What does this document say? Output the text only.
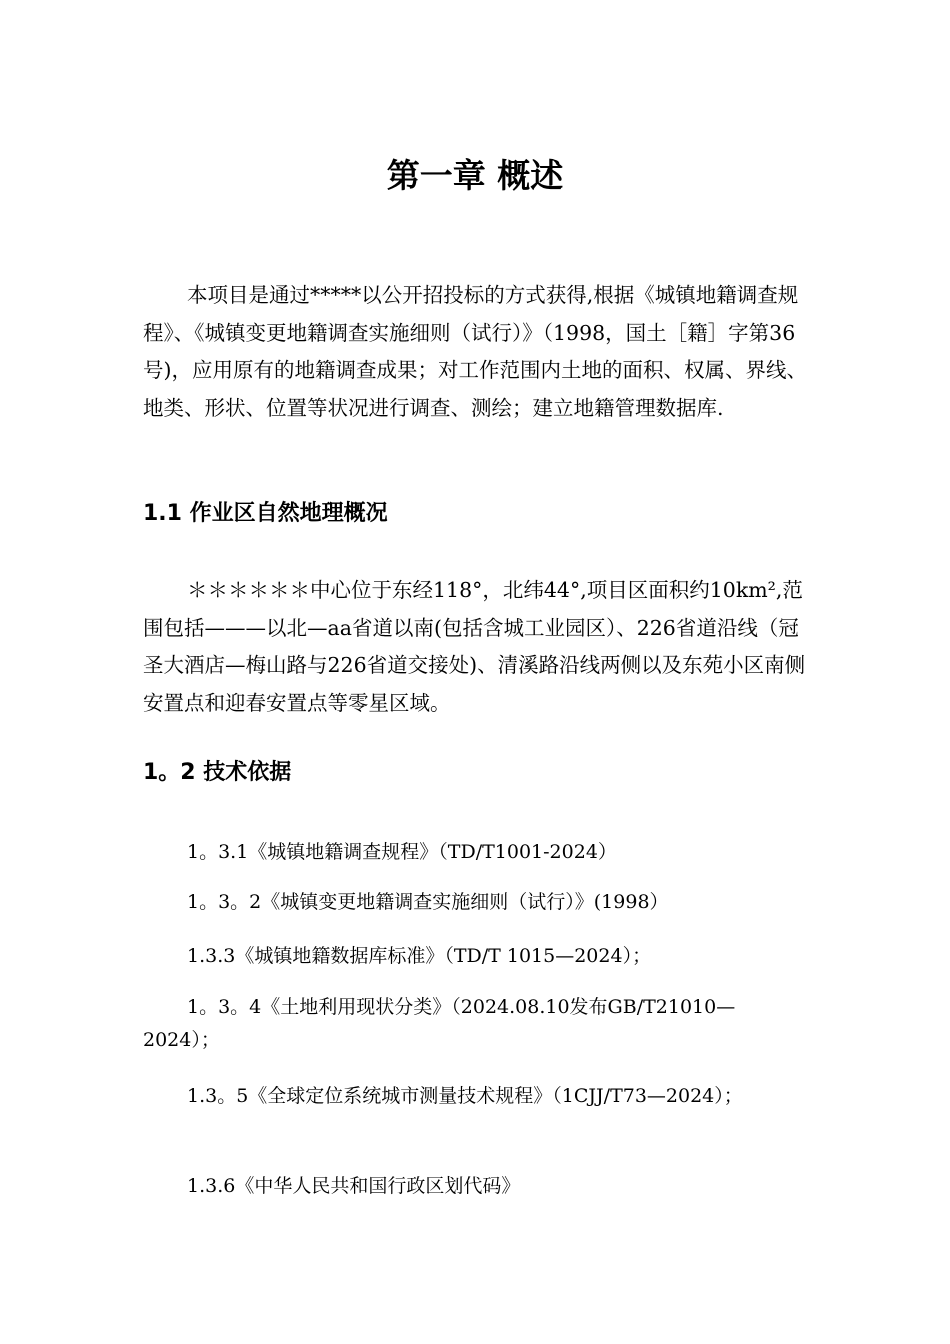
第一章 概述

本项目是通过*****以公开招投标的方式获得,根据《城镇地籍调查规程》、《城镇变更地籍调查实施细则（试行）》（1998，国土［籍］字第36号)，应用原有的地籍调查成果；对工作范围内土地的面积、权属、界线、地类、形状、位置等状况进行调查、测绘；建立地籍管理数据库.

1.1 作业区自然地理概况

＊＊＊＊＊＊中心位于东经118°，北纬44°,项目区面积约10km²,范围包括———以北—aa省道以南(包括含城工业园区）、226省道沿线（冠圣大酒店—梅山路与226省道交接处)、清溪路沿线两侧以及东苑小区南侧安置点和迎春安置点等零星区域。

1。2 技术依据

1。3.1《城镇地籍调查规程》（TD/T1001-2024）

1。3。2《城镇变更地籍调查实施细则（试行）》(1998）

1.3.3《城镇地籍数据库标准》（TD/T 1015—2024）；

1。3。4《土地利用现状分类》（2024.08.10发布GB/T21010—2024）；

1.3。5《全球定位系统城市测量技术规程》（1CJJ/T73—2024）；

1.3.6《中华人民共和国行政区划代码》
